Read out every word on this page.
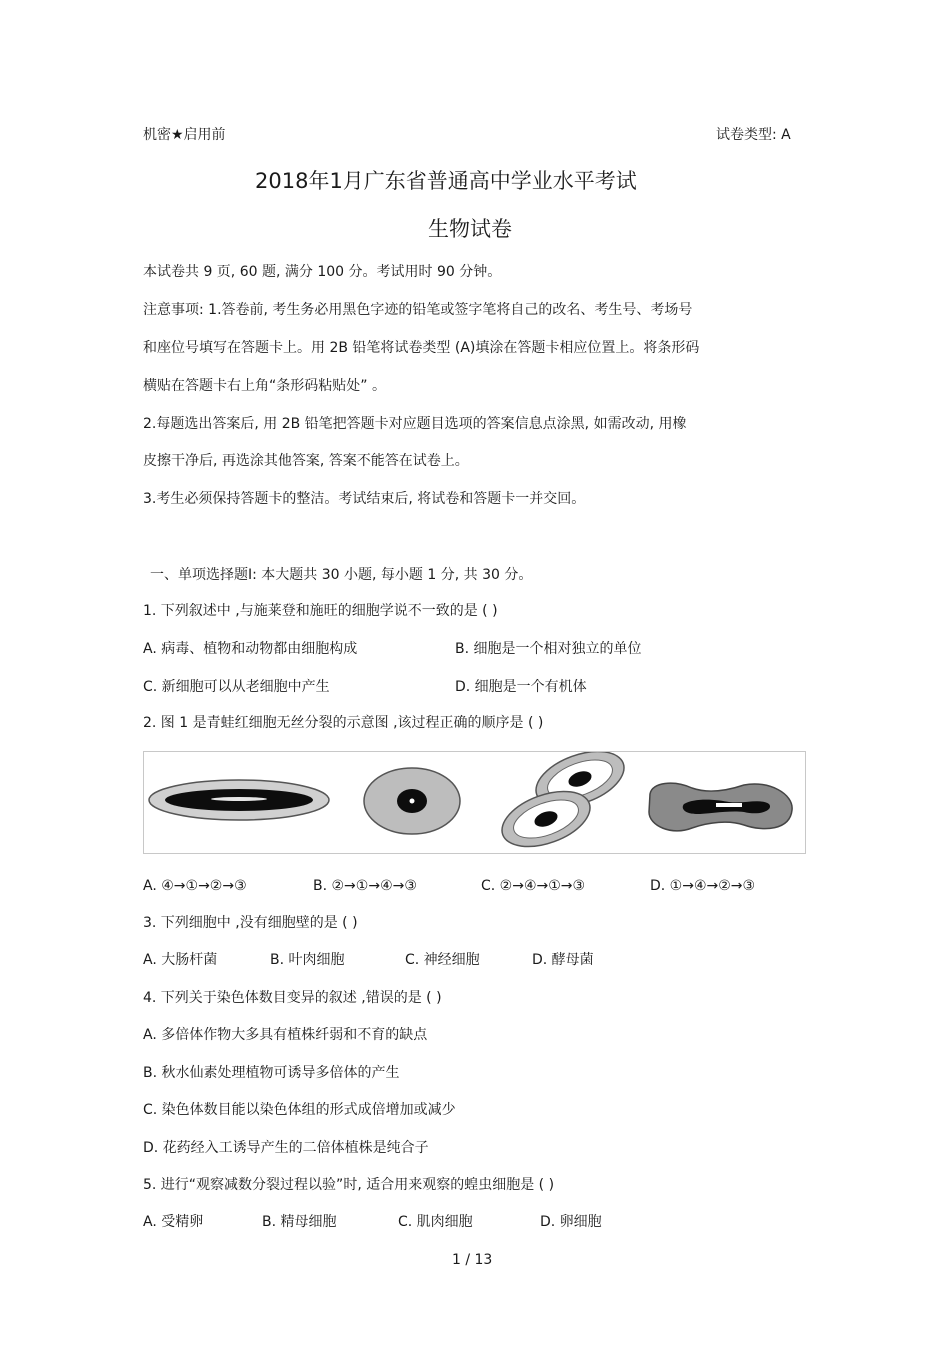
机密★启用前	试卷类型: A
2018年1月广东省普通高中学业水平考试
生物试卷
本试卷共 9 页, 60 题, 满分 100 分。考试用时 90 分钟。
注意事项: 1.答卷前, 考生务必用黑色字迹的铅笔或签字笔将自己的改名、考生号、考场号
和座位号填写在答题卡上。用 2B 铅笔将试卷类型 (A)填涂在答题卡相应位置上。将条形码
横贴在答题卡右上角“条形码粘贴处” 。
2.每题选出答案后, 用 2B 铅笔把答题卡对应题目选项的答案信息点涂黑, 如需改动, 用橡
皮擦干净后, 再选涂其他答案, 答案不能答在试卷上。
3.考生必须保持答题卡的整洁。考试结束后, 将试卷和答题卡一并交回。
一、单项选择题Ⅰ: 本大题共 30 小题, 每小题 1 分, 共 30 分。
1. 下列叙述中 ,与施莱登和施旺的细胞学说不一致的是 ( )
A. 病毒、植物和动物都由细胞构成	B. 细胞是一个相对独立的单位
C. 新细胞可以从老细胞中产生	D. 细胞是一个有机体
2. 图 1 是青蛙红细胞无丝分裂的示意图 ,该过程正确的顺序是 ( )
A. ④→①→②→③	B. ②→①→④→③	C. ②→④→①→③	D. ①→④→②→③
3. 下列细胞中 ,没有细胞壁的是 ( )
A. 大肠杆菌	B. 叶肉细胞	C. 神经细胞	D. 酵母菌
4. 下列关于染色体数目变异的叙述 ,错误的是 ( )
A. 多倍体作物大多具有植株纤弱和不育的缺点
B. 秋水仙素处理植物可诱导多倍体的产生
C. 染色体数目能以染色体组的形式成倍增加或减少
D. 花药经入工诱导产生的二倍体植株是纯合子
5. 进行“观察减数分裂过程以验”时, 适合用来观察的蝗虫细胞是 ( )
A. 受精卵	B. 精母细胞	C. 肌肉细胞	D. 卵细胞
1 / 13
